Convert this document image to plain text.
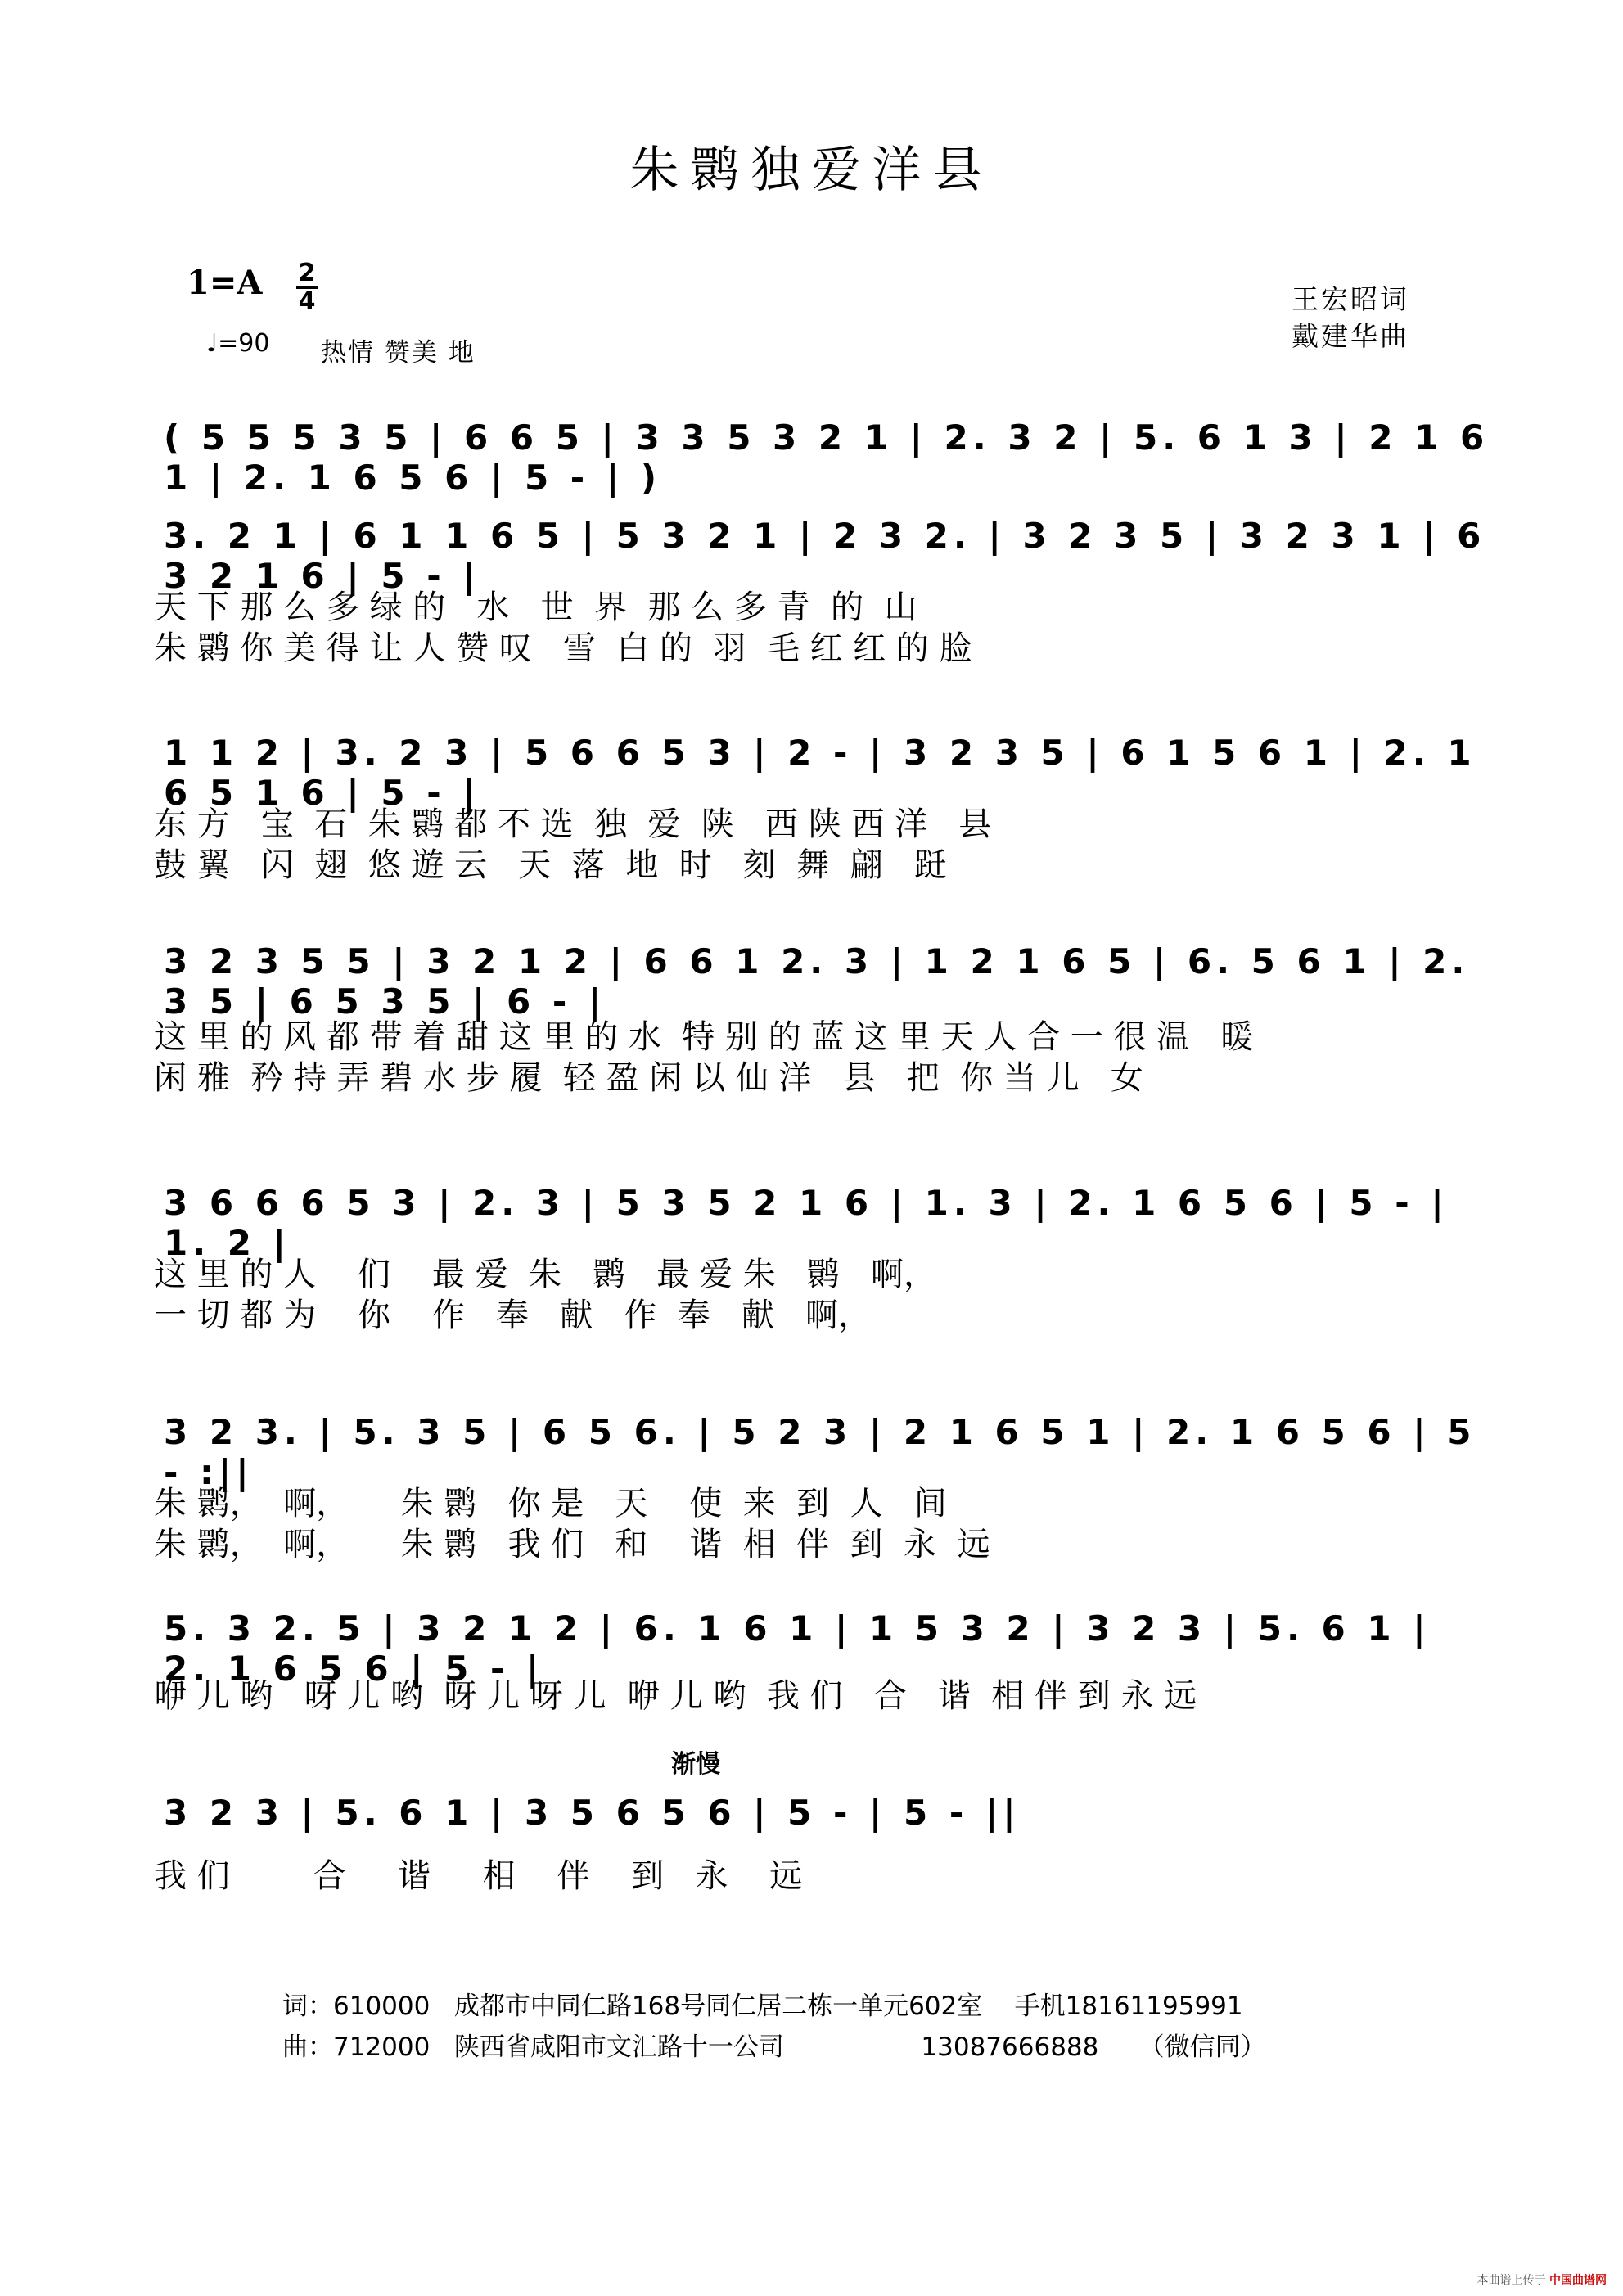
朱鹮独爱洋县
1=A 2
4
♩=90 热情 赞美 地
王宏昭词
戴建华曲
( 5 5 5 3 5 | 6 6 5 | 3 3 5 3 2 1 | 2. 3 2 | 5. 6 1 3 | 2 1 6 1 | 2. 1 6 5 6 | 5 - | )
3. 2 1 | 6 1 1 6 5 | 5 3 2 1 | 2 3 2. | 3 2 3 5 | 3 2 3 1 | 6 3 2 1 6 | 5 - |
天 下 那 么 多 绿 的   水   世  界  那 么 多 青  的  山
朱 鹮 你 美 得 让 人 赞 叹   雪  白 的  羽  毛 红 红 的 脸
1 1 2 | 3. 2 3 | 5 6 6 5 3 | 2 - | 3 2 3 5 | 6 1 5 6 1 | 2. 1 6 5 1 6 | 5 - |
东 方   宝  石  朱 鹮 都 不 选  独  爱  陕   西 陕 西 洋   县
鼓 翼   闪  翅  悠 遊 云   天  落  地  时   刻  舞  翩   跹
3 2 3 5 5 | 3 2 1 2 | 6 6 1 2. 3 | 1 2 1 6 5 | 6. 5 6 1 | 2. 3 5 | 6 5 3 5 | 6 - |
这 里 的 风 都 带 着 甜 这 里 的 水  特 别 的 蓝 这 里 天 人 合 一 很 温   暖
闲 雅  矜 持 弄 碧 水 步 履  轻 盈 闲 以 仙 洋   县   把  你 当 儿   女
3 6 6 6 5 3 | 2. 3 | 5 3 5 2 1 6 | 1. 3 | 2. 1 6 5 6 | 5 - | 1. 2 |
这 里 的 人    们    最 爱  朱   鹮   最 爱 朱   鹮   啊，
一 切 都 为    你    作   奉   献   作  奉   献   啊，
3 2 3. | 5. 3 5 | 6 5 6. | 5 2 3 | 2 1 6 5 1 | 2. 1 6 5 6 | 5 - :||
朱 鹮，  啊，     朱 鹮   你 是   天    使  来  到  人   间
朱 鹮，  啊，     朱 鹮   我 们   和    谐  相  伴  到  永  远
5. 3 2. 5 | 3 2 1 2 | 6. 1 6 1 | 1 5 3 2 | 3 2 3 | 5. 6 1 | 2. 1 6 5 6 | 5 - |
咿 儿 哟   呀 儿 哟  呀 儿 呀 儿  咿 儿 哟  我 们   合   谐  相 伴 到 永 远
渐慢
3 2 3 | 5. 6 1 | 3 5 6 5 6 | 5 - | 5 - ||
我 们        合     谐     相    伴    到   永    远
词：610000   成都市中同仁路168号同仁居二栋一单元602室    手机18161195991
曲：712000   陕西省咸阳市文汇路十一公司                 13087666888     （微信同）
本曲谱上传于 中国曲谱网
